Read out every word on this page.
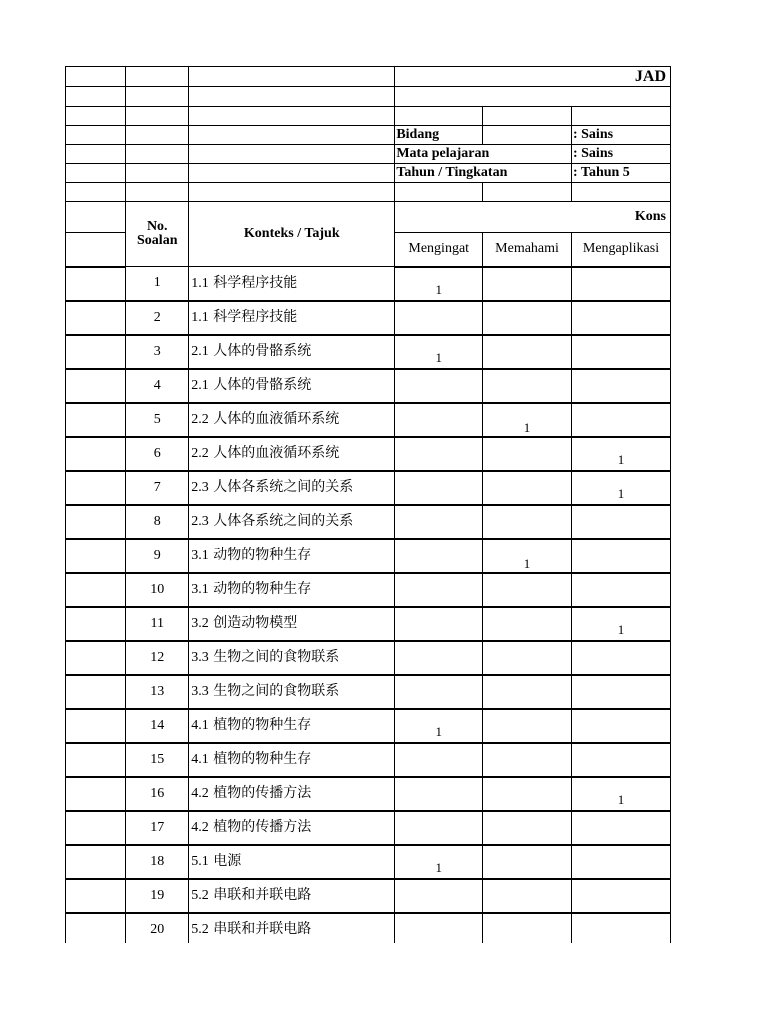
			JAD		

			Bidang		: Sains
			Mata pelajaran		: Sains
			Tahun / Tingkatan		: Tahun 5

	No.
Soalan	Konteks / Tajuk	Kons		
			Mengingat	Memahami	Mengaplikasi
	1	1.1 科学程序技能	1		
	2	1.1 科学程序技能			
	3	2.1 人体的骨骼系统	1		
	4	2.1 人体的骨骼系统			
	5	2.2 人体的血液循环系统		1	
	6	2.2 人体的血液循环系统			1
	7	2.3 人体各系统之间的关系			1
	8	2.3 人体各系统之间的关系			
	9	3.1 动物的物种生存		1	
	10	3.1 动物的物种生存			
	11	3.2 创造动物模型			1
	12	3.3 生物之间的食物联系			
	13	3.3 生物之间的食物联系			
	14	4.1 植物的物种生存	1		
	15	4.1 植物的物种生存			
	16	4.2 植物的传播方法			1
	17	4.2 植物的传播方法			
	18	5.1 电源	1		
	19	5.2 串联和并联电路			
	20	5.2 串联和并联电路			
